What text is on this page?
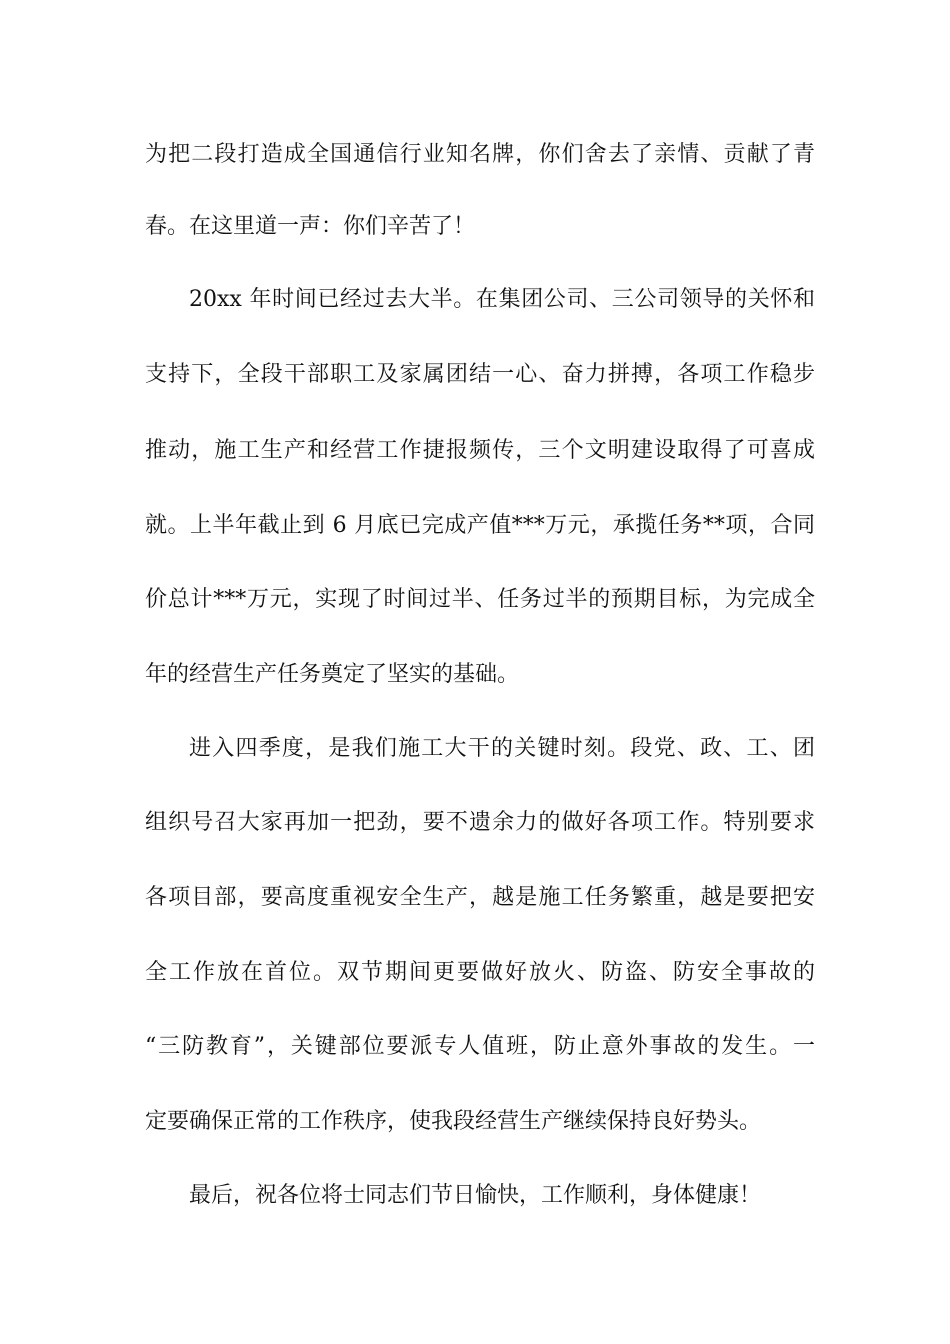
为把二段打造成全国通信行业知名牌，你们舍去了亲情、贡献了青
春。在这里道一声：你们辛苦了！
20xx 年时间已经过去大半。在集团公司、三公司领导的关怀和
支持下，全段干部职工及家属团结一心、奋力拼搏，各项工作稳步
推动，施工生产和经营工作捷报频传，三个文明建设取得了可喜成
就。上半年截止到 6 月底已完成产值***万元，承揽任务**项，合同
价总计***万元，实现了时间过半、任务过半的预期目标，为完成全
年的经营生产任务奠定了坚实的基础。
进入四季度，是我们施工大干的关键时刻。段党、政、工、团
组织号召大家再加一把劲，要不遗余力的做好各项工作。特别要求
各项目部，要高度重视安全生产，越是施工任务繁重，越是要把安
全工作放在首位。双节期间更要做好放火、防盗、防安全事故的
“三防教育”，关键部位要派专人值班，防止意外事故的发生。一
定要确保正常的工作秩序，使我段经营生产继续保持良好势头。
最后，祝各位将士同志们节日愉快，工作顺利，身体健康！
